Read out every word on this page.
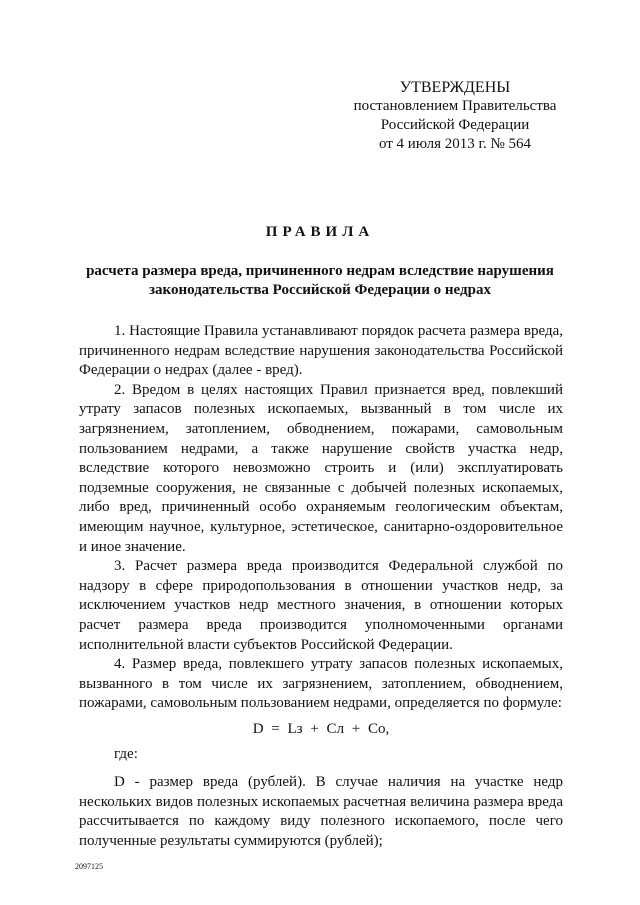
УТВЕРЖДЕНЫ
постановлением Правительства
Российской Федерации
от 4 июля 2013 г. № 564
ПРАВИЛА
расчета размера вреда, причиненного недрам вследствие нарушения
законодательства Российской Федерации о недрах

1. Настоящие Правила устанавливают порядок расчета размера вреда, причиненного недрам вследствие нарушения законодательства Российской Федерации о недрах (далее - вред).

2. Вредом в целях настоящих Правил признается вред, повлекший утрату запасов полезных ископаемых, вызванный в том числе их загрязнением, затоплением, обводнением, пожарами, самовольным пользованием недрами, а также нарушение свойств участка недр, вследствие которого невозможно строить и (или) эксплуатировать подземные сооружения, не связанные с добычей полезных ископаемых, либо вред, причиненный особо охраняемым геологическим объектам, имеющим научное, культурное, эстетическое, санитарно-оздоровительное и иное значение.

3. Расчет размера вреда производится Федеральной службой по надзору в сфере природопользования в отношении участков недр, за исключением участков недр местного значения, в отношении которых расчет размера вреда производится уполномоченными органами исполнительной власти субъектов Российской Федерации.

4. Размер вреда, повлекшего утрату запасов полезных ископаемых, вызванного в том числе их загрязнением, затоплением, обводнением, пожарами, самовольным пользованием недрами, определяется по формуле:

D = Lз + Cл + Co,

где:

D - размер вреда (рублей). В случае наличия на участке недр нескольких видов полезных ископаемых расчетная величина размера вреда рассчитывается по каждому виду полезного ископаемого, после чего полученные результаты суммируются (рублей);

2097125
